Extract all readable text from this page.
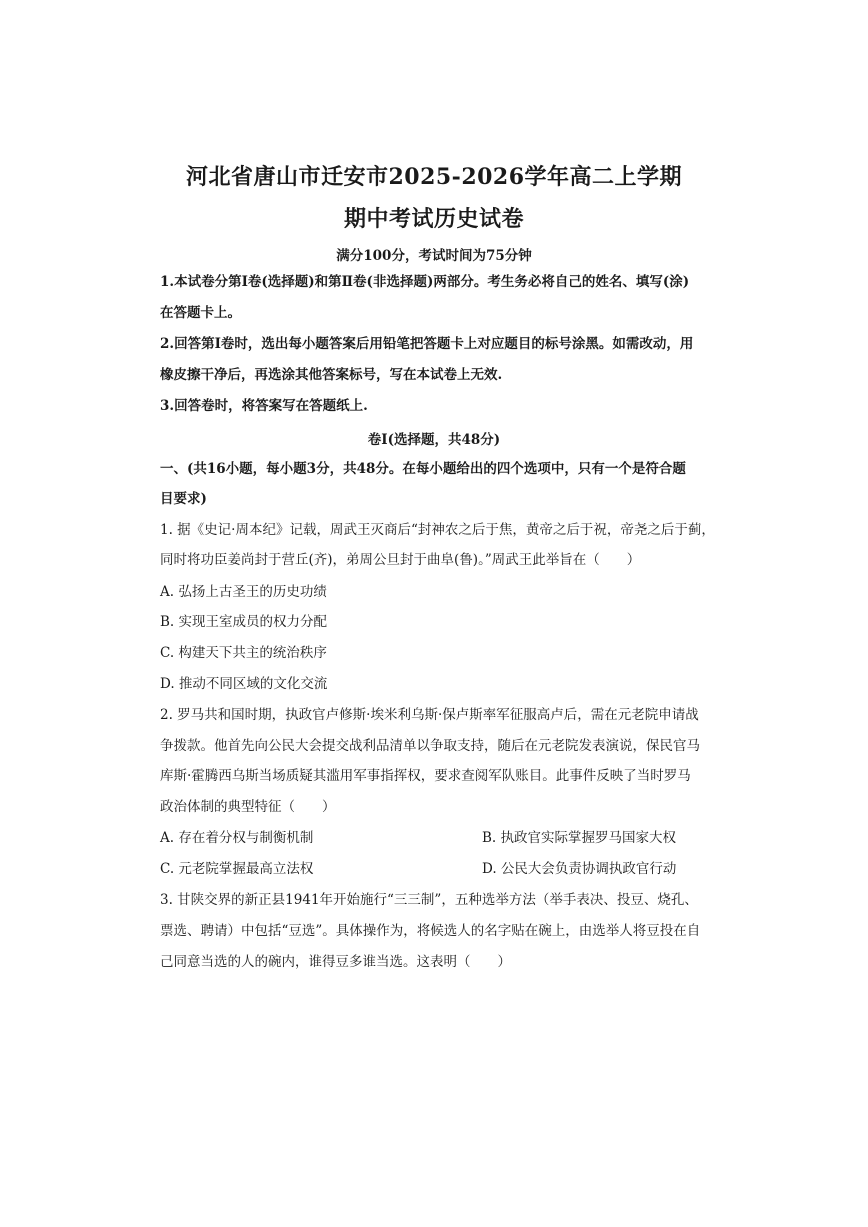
河北省唐山市迁安市2025-2026学年高二上学期
期中考试历史试卷
满分100分，考试时间为75分钟
1.本试卷分第Ⅰ卷(选择题)和第Ⅱ卷(非选择题)两部分。考生务必将自己的姓名、填写(涂)
在答题卡上。
2.回答第Ⅰ卷时，选出每小题答案后用铅笔把答题卡上对应题目的标号涂黑。如需改动，用
橡皮擦干净后，再选涂其他答案标号，写在本试卷上无效.
3.回答卷时，将答案写在答题纸上.
卷Ⅰ(选择题，共48分)
一、(共16小题，每小题3分，共48分。在每小题给出的四个选项中，只有一个是符合题
目要求)
1. 据《史记·周本纪》记载，周武王灭商后“封神农之后于焦，黄帝之后于祝，帝尧之后于蓟，
同时将功臣姜尚封于营丘(齐)，弟周公旦封于曲阜(鲁)。”周武王此举旨在（　　）
A. 弘扬上古圣王的历史功绩
B. 实现王室成员的权力分配
C. 构建天下共主的统治秩序
D. 推动不同区域的文化交流
2. 罗马共和国时期，执政官卢修斯·埃米利乌斯·保卢斯率军征服高卢后，需在元老院申请战
争拨款。他首先向公民大会提交战利品清单以争取支持，随后在元老院发表演说，保民官马
库斯·霍腾西乌斯当场质疑其滥用军事指挥权，要求查阅军队账目。此事件反映了当时罗马
政治体制的典型特征（　　）
A. 存在着分权与制衡机制	B. 执政官实际掌握罗马国家大权
C. 元老院掌握最高立法权	D. 公民大会负责协调执政官行动
3. 甘陕交界的新正县1941年开始施行“三三制”，五种选举方法（举手表决、投豆、烧孔、
票选、聘请）中包括“豆选”。具体操作为，将候选人的名字贴在碗上，由选举人将豆投在自
己同意当选的人的碗内，谁得豆多谁当选。这表明（　　）
